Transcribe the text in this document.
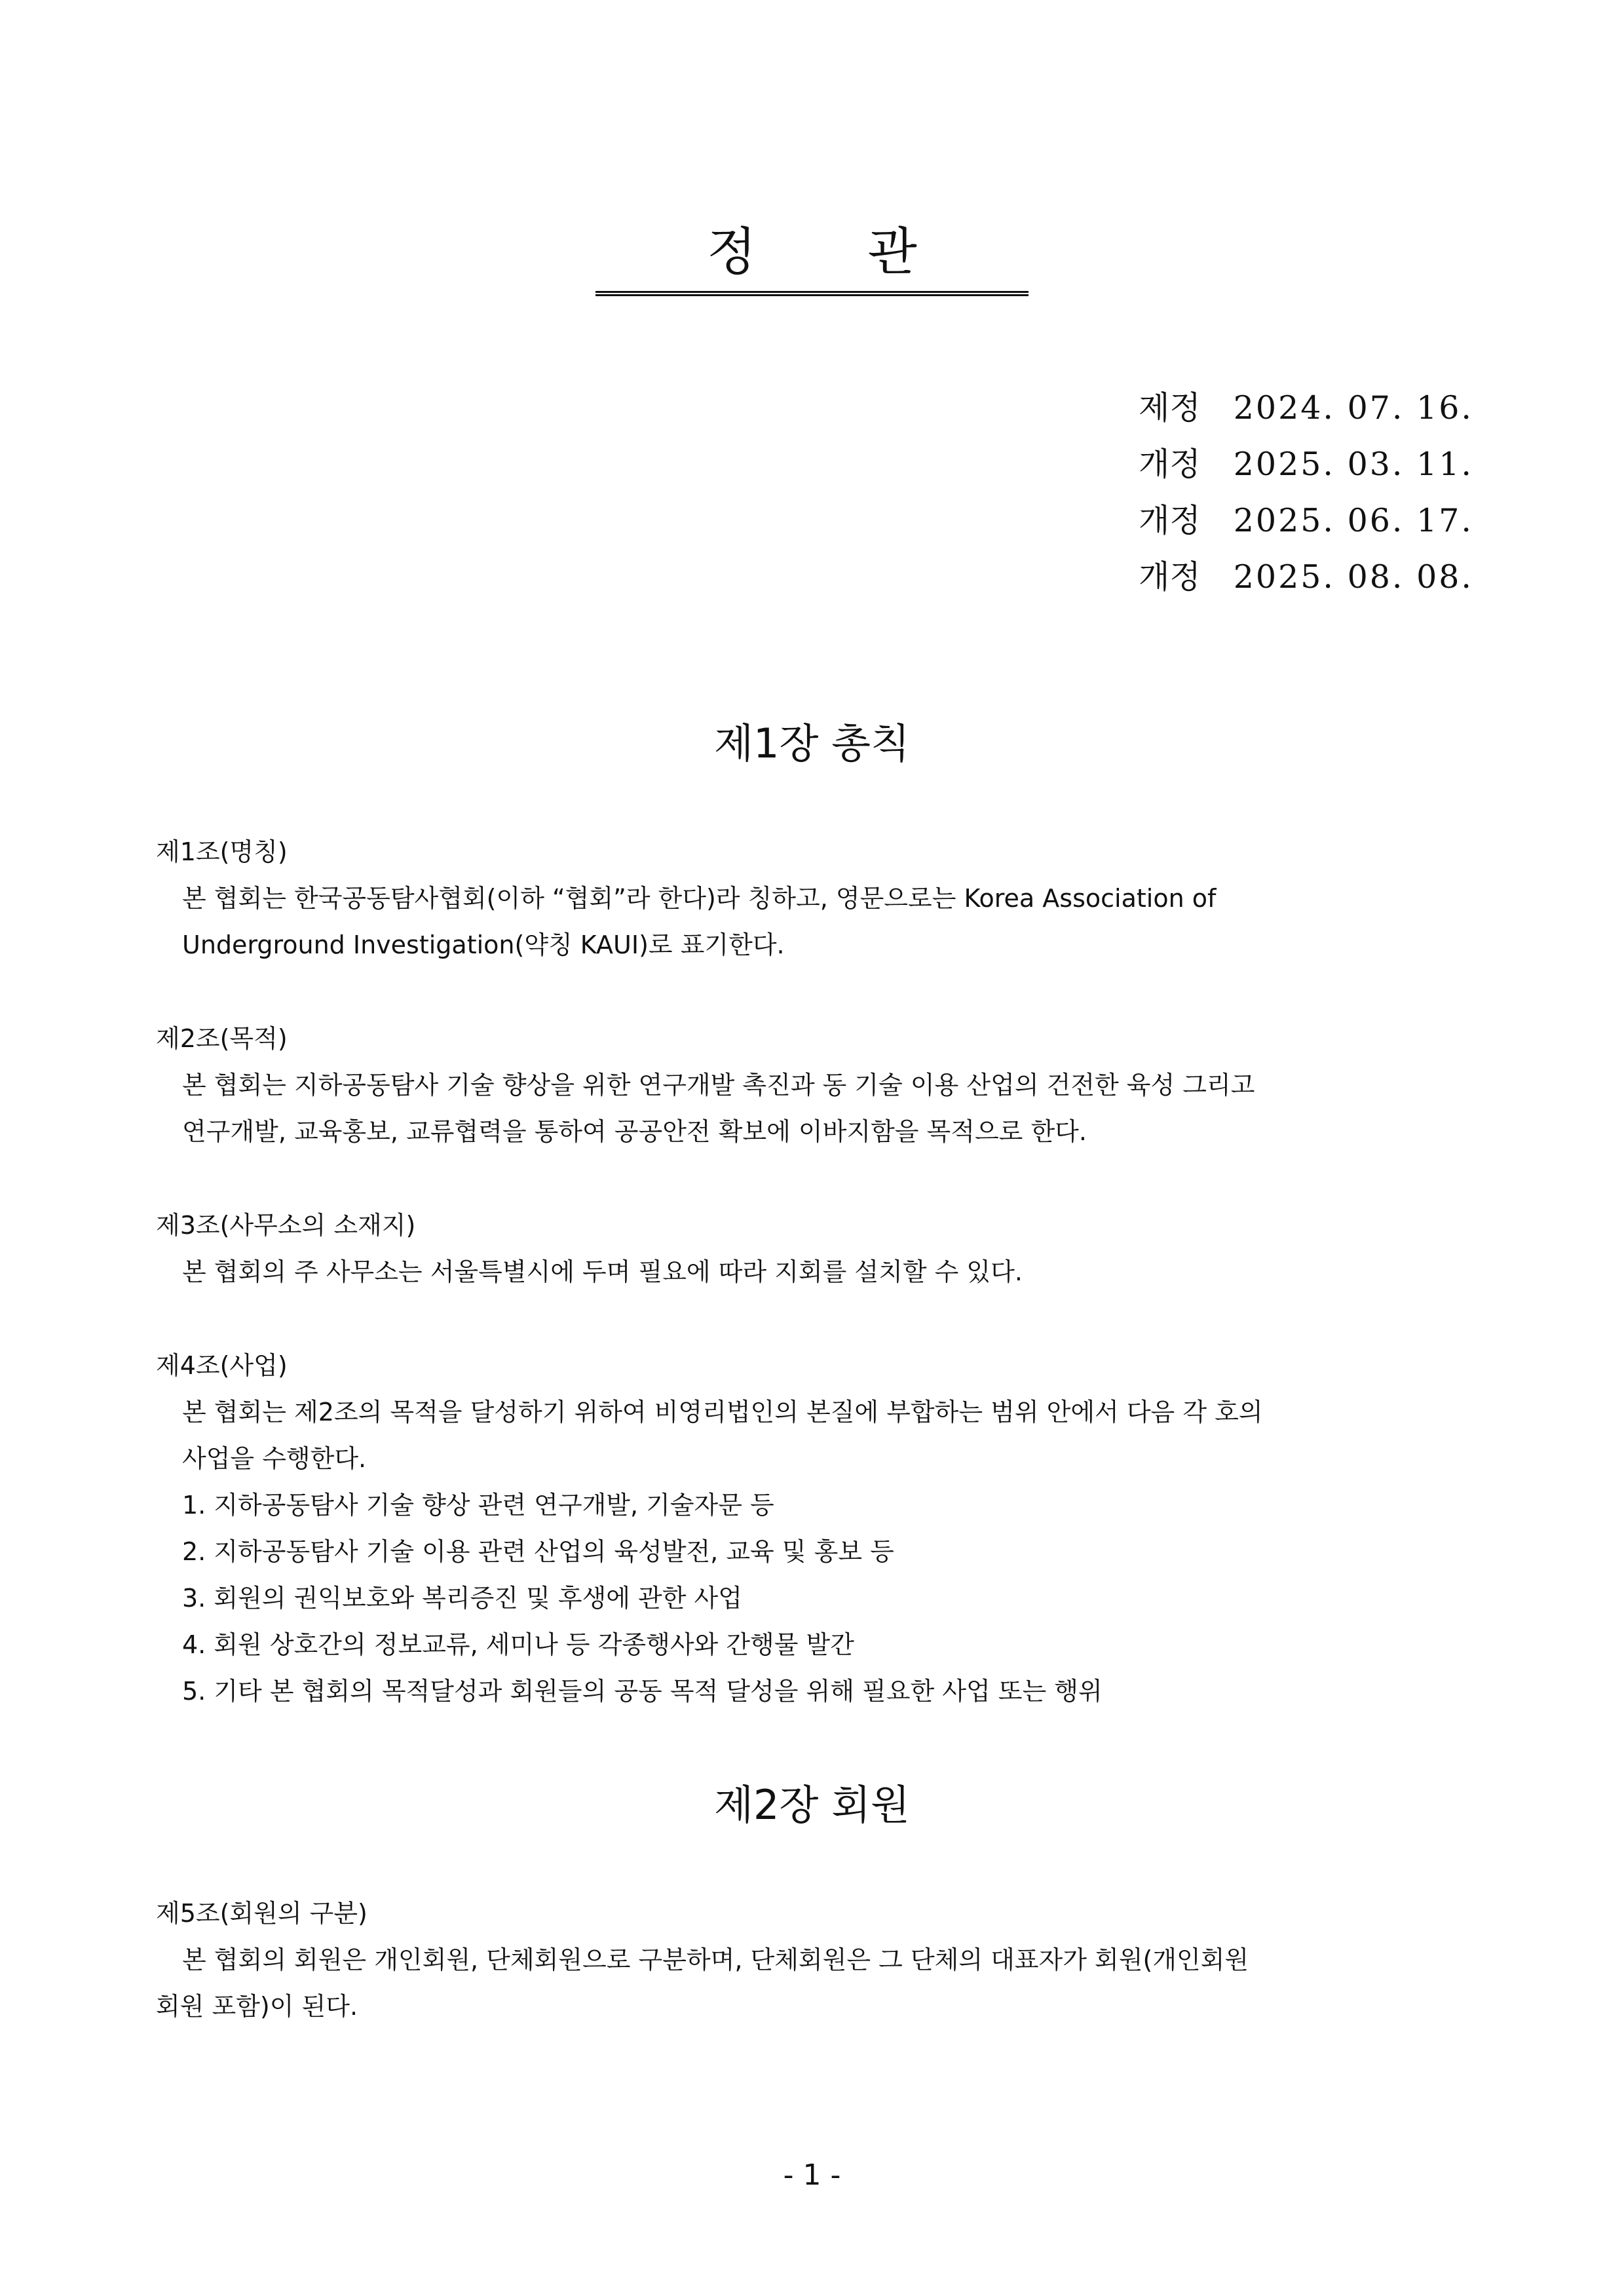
정관
제정 2024. 07. 16.
개정 2025. 03. 11.
개정 2025. 06. 17.
개정 2025. 08. 08.
제1장 총칙
제1조(명칭)
본 협회는 한국공동탐사협회(이하 “협회”라 한다)라 칭하고, 영문으로는 Korea Association of
Underground Investigation(약칭 KAUI)로 표기한다.
제2조(목적)
본 협회는 지하공동탐사 기술 향상을 위한 연구개발 촉진과 동 기술 이용 산업의 건전한 육성 그리고
연구개발, 교육홍보, 교류협력을 통하여 공공안전 확보에 이바지함을 목적으로 한다.
제3조(사무소의 소재지)
본 협회의 주 사무소는 서울특별시에 두며 필요에 따라 지회를 설치할 수 있다.
제4조(사업)
본 협회는 제2조의 목적을 달성하기 위하여 비영리법인의 본질에 부합하는 범위 안에서 다음 각 호의
사업을 수행한다.
1. 지하공동탐사 기술 향상 관련 연구개발, 기술자문 등
2. 지하공동탐사 기술 이용 관련 산업의 육성발전, 교육 및 홍보 등
3. 회원의 권익보호와 복리증진 및 후생에 관한 사업
4. 회원 상호간의 정보교류, 세미나 등 각종행사와 간행물 발간
5. 기타 본 협회의 목적달성과 회원들의 공동 목적 달성을 위해 필요한 사업 또는 행위
제2장 회원
제5조(회원의 구분)
본 협회의 회원은 개인회원, 단체회원으로 구분하며, 단체회원은 그 단체의 대표자가 회원(개인회원
회원 포함)이 된다.
- 1 -
